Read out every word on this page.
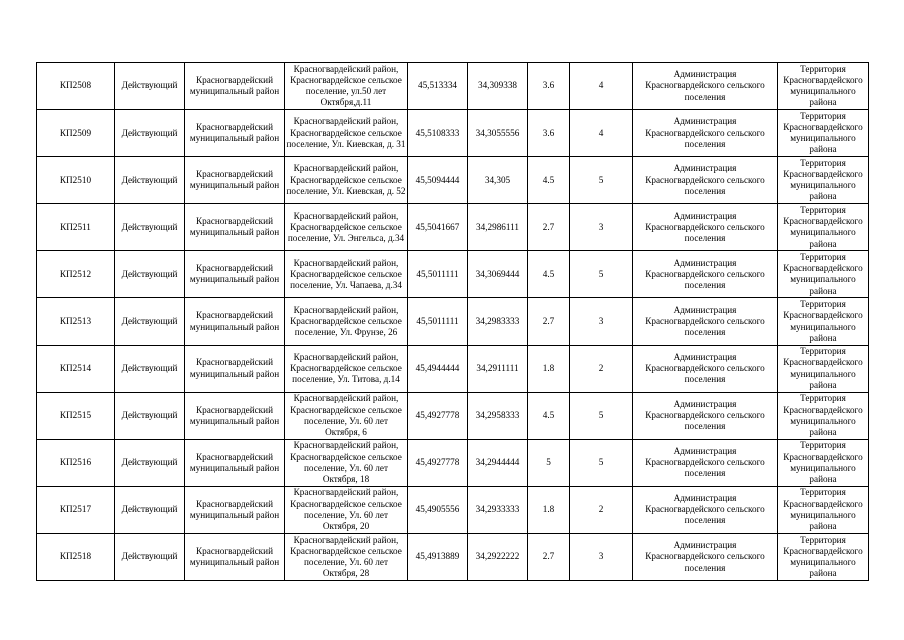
КП2508	Действующий	Красногвардейский муниципальный район	Красногвардейский район, Красногвардейское сельское поселение, ул.50 лет Октября,д.11	45,513334	34,309338	3.6	4	Администрация Красногвардейского сельского поселения	Территория Красногвардейского муниципального района
КП2509	Действующий	Красногвардейский муниципальный район	Красногвардейский район, Красногвардейское сельское поселение, Ул. Киевская, д. 31	45,5108333	34,3055556	3.6	4	Администрация Красногвардейского сельского поселения	Территория Красногвардейского муниципального района
КП2510	Действующий	Красногвардейский муниципальный район	Красногвардейский район, Красногвардейское сельское поселение, Ул. Киевская, д. 52	45,5094444	34,305	4.5	5	Администрация Красногвардейского сельского поселения	Территория Красногвардейского муниципального района
КП2511	Действующий	Красногвардейский муниципальный район	Красногвардейский район, Красногвардейское сельское поселение, Ул. Энгельса, д.34	45,5041667	34,2986111	2.7	3	Администрация Красногвардейского сельского поселения	Территория Красногвардейского муниципального района
КП2512	Действующий	Красногвардейский муниципальный район	Красногвардейский район, Красногвардейское сельское поселение, Ул. Чапаева, д.34	45,5011111	34,3069444	4.5	5	Администрация Красногвардейского сельского поселения	Территория Красногвардейского муниципального района
КП2513	Действующий	Красногвардейский муниципальный район	Красногвардейский район, Красногвардейское сельское поселение, Ул. Фрунзе, 26	45,5011111	34,2983333	2.7	3	Администрация Красногвардейского сельского поселения	Территория Красногвардейского муниципального района
КП2514	Действующий	Красногвардейский муниципальный район	Красногвардейский район, Красногвардейское сельское поселение, Ул. Титова, д.14	45,4944444	34,2911111	1.8	2	Администрация Красногвардейского сельского поселения	Территория Красногвардейского муниципального района
КП2515	Действующий	Красногвардейский муниципальный район	Красногвардейский район, Красногвардейское сельское поселение, Ул. 60 лет Октября, 6	45,4927778	34,2958333	4.5	5	Администрация Красногвардейского сельского поселения	Территория Красногвардейского муниципального района
КП2516	Действующий	Красногвардейский муниципальный район	Красногвардейский район, Красногвардейское сельское поселение, Ул. 60 лет Октября, 18	45,4927778	34,2944444	5	5	Администрация Красногвардейского сельского поселения	Территория Красногвардейского муниципального района
КП2517	Действующий	Красногвардейский муниципальный район	Красногвардейский район, Красногвардейское сельское поселение, Ул. 60 лет Октября, 20	45,4905556	34,2933333	1.8	2	Администрация Красногвардейского сельского поселения	Территория Красногвардейского муниципального района
КП2518	Действующий	Красногвардейский муниципальный район	Красногвардейский район, Красногвардейское сельское поселение, Ул. 60 лет Октября, 28	45,4913889	34,2922222	2.7	3	Администрация Красногвардейского сельского поселения	Территория Красногвардейского муниципального района
